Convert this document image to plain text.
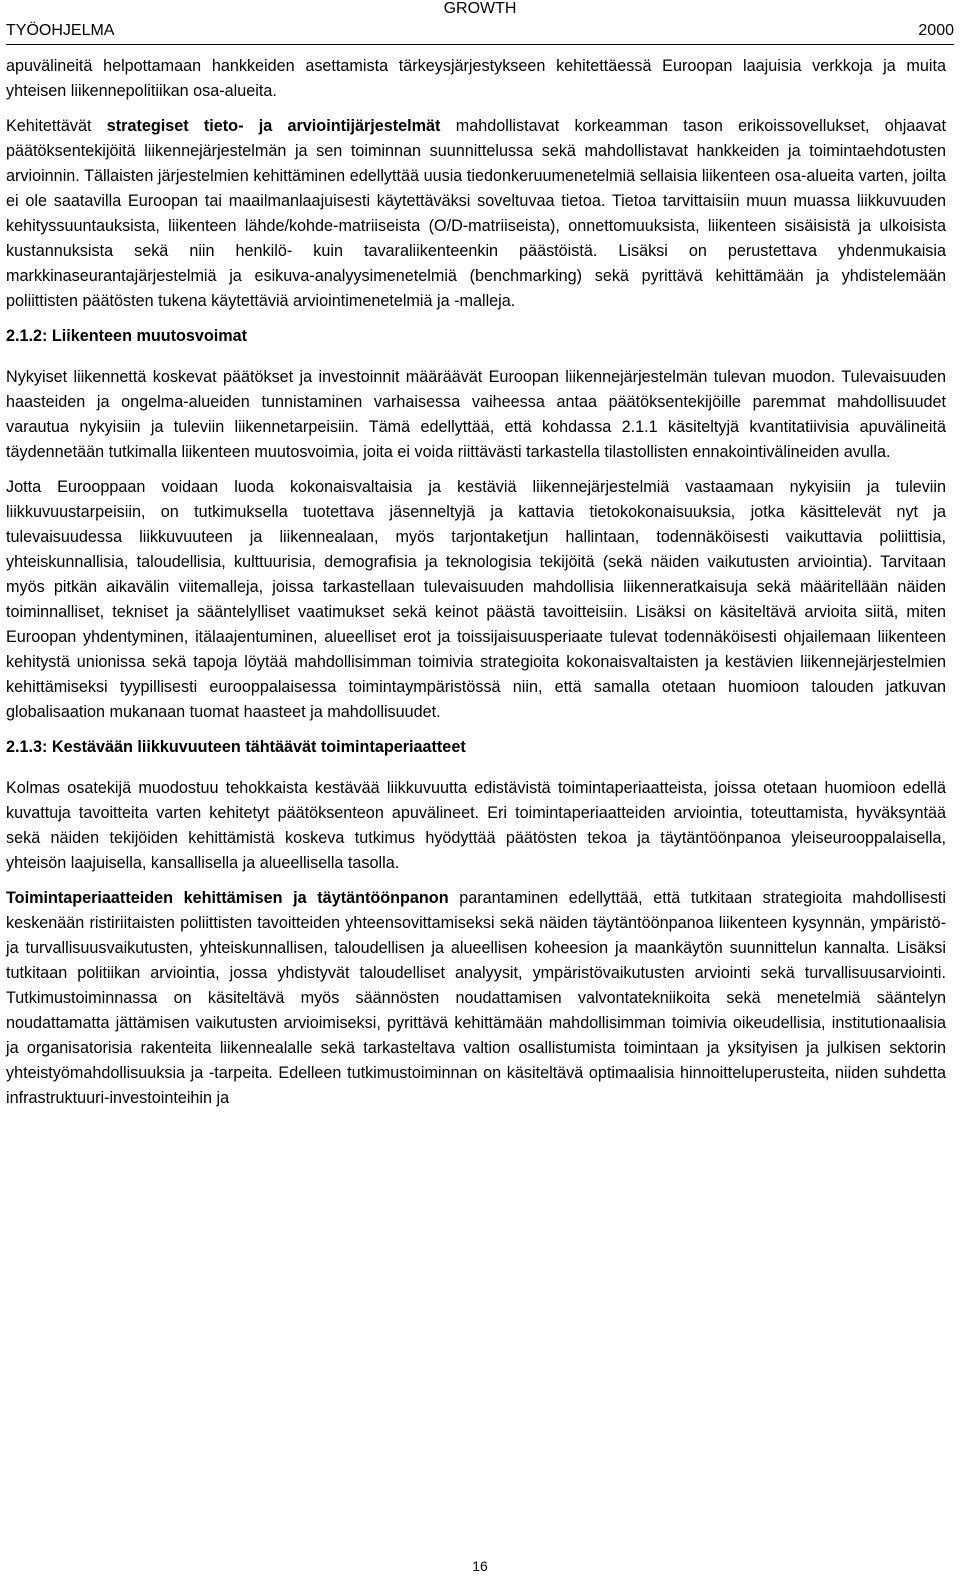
TYÖOHJELMA
GROWTH
2000

apuvälineitä helpottamaan hankkeiden asettamista tärkeysjärjestykseen kehitettäessä Euroopan laajuisia verkkoja ja muita yhteisen liikennepolitiikan osa-alueita.

Kehitettävät strategiset tieto- ja arviointijärjestelmät mahdollistavat korkeamman tason erikoissovellukset, ohjaavat päätöksentekijöitä liikennejärjestelmän ja sen toiminnan suunnittelussa sekä mahdollistavat hankkeiden ja toimintaehdotusten arvioinnin. Tällaisten järjestelmien kehittäminen edellyttää uusia tiedonkeruumenetelmiä sellaisia liikenteen osa-alueita varten, joilta ei ole saatavilla Euroopan tai maailmanlaajuisesti käytettäväksi soveltuvaa tietoa. Tietoa tarvittaisiin muun muassa liikkuvuuden kehityssuuntauksista, liikenteen lähde/kohde-matriiseista (O/D-matriiseista), onnettomuuksista, liikenteen sisäisistä ja ulkoisista kustannuksista sekä niin henkilö- kuin tavaraliikenteenkin päästöistä. Lisäksi on perustettava yhdenmukaisia markkinaseurantajärjestelmiä ja esikuva-analyysimenetelmiä (benchmarking) sekä pyrittävä kehittämään ja yhdistelemään poliittisten päätösten tukena käytettäviä arviointimenetelmiä ja -malleja.

2.1.2: Liikenteen muutosvoimat

Nykyiset liikennettä koskevat päätökset ja investoinnit määräävät Euroopan liikennejärjestelmän tulevan muodon. Tulevaisuuden haasteiden ja ongelma-alueiden tunnistaminen varhaisessa vaiheessa antaa päätöksentekijöille paremmat mahdollisuudet varautua nykyisiin ja tuleviin liikennetarpeisiin. Tämä edellyttää, että kohdassa 2.1.1 käsiteltyjä kvantitatiivisia apuvälineitä täydennetään tutkimalla liikenteen muutosvoimia, joita ei voida riittävästi tarkastella tilastollisten ennakointivälineiden avulla.

Jotta Eurooppaan voidaan luoda kokonaisvaltaisia ja kestäviä liikennejärjestelmiä vastaamaan nykyisiin ja tuleviin liikkuvuustarpeisiin, on tutkimuksella tuotettava jäsenneltyjä ja kattavia tietokokonaisuuksia, jotka käsittelevät nyt ja tulevaisuudessa liikkuvuuteen ja liikennealaan, myös tarjontaketjun hallintaan, todennäköisesti vaikuttavia poliittisia, yhteiskunnallisia, taloudellisia, kulttuurisia, demografisia ja teknologisia tekijöitä (sekä näiden vaikutusten arviointia). Tarvitaan myös pitkän aikavälin viitemalleja, joissa tarkastellaan tulevaisuuden mahdollisia liikenneratkaisuja sekä määritellään näiden toiminnalliset, tekniset ja sääntelylliset vaatimukset sekä keinot päästä tavoitteisiin. Lisäksi on käsiteltävä arvioita siitä, miten Euroopan yhdentyminen, itälaajentuminen, alueelliset erot ja toissijaisuusperiaate tulevat todennäköisesti ohjailemaan liikenteen kehitystä unionissa sekä tapoja löytää mahdollisimman toimivia strategioita kokonaisvaltaisten ja kestävien liikennejärjestelmien kehittämiseksi tyypillisesti eurooppalaisessa toimintaympäristössä niin, että samalla otetaan huomioon talouden jatkuvan globalisaation mukanaan tuomat haasteet ja mahdollisuudet.

2.1.3: Kestävään liikkuvuuteen tähtäävät toimintaperiaatteet

Kolmas osatekijä muodostuu tehokkaista kestävää liikkuvuutta edistävistä toimintaperiaatteista, joissa otetaan huomioon edellä kuvattuja tavoitteita varten kehitetyt päätöksenteon apuvälineet. Eri toimintaperiaatteiden arviointia, toteuttamista, hyväksyntää sekä näiden tekijöiden kehittämistä koskeva tutkimus hyödyttää päätösten tekoa ja täytäntöönpanoa yleiseurooppalaisella, yhteisön laajuisella, kansallisella ja alueellisella tasolla.

Toimintaperiaatteiden kehittämisen ja täytäntöönpanon parantaminen edellyttää, että tutkitaan strategioita mahdollisesti keskenään ristiriitaisten poliittisten tavoitteiden yhteensovittamiseksi sekä näiden täytäntöönpanoa liikenteen kysynnän, ympäristö- ja turvallisuusvaikutusten, yhteiskunnallisen, taloudellisen ja alueellisen koheesion ja maankäytön suunnittelun kannalta. Lisäksi tutkitaan politiikan arviointia, jossa yhdistyvät taloudelliset analyysit, ympäristövaikutusten arviointi sekä turvallisuusarviointi. Tutkimustoiminnassa on käsiteltävä myös säännösten noudattamisen valvontatekniikoita sekä menetelmiä sääntelyn noudattamatta jättämisen vaikutusten arvioimiseksi, pyrittävä kehittämään mahdollisimman toimivia oikeudellisia, institutionaalisia ja organisatorisia rakenteita liikennealalle sekä tarkasteltava valtion osallistumista toimintaan ja yksityisen ja julkisen sektorin yhteistyömahdollisuuksia ja -tarpeita. Edelleen tutkimustoiminnan on käsiteltävä optimaalisia hinnoitteluperusteita, niiden suhdetta infrastruktuuri-investointeihin ja

16
